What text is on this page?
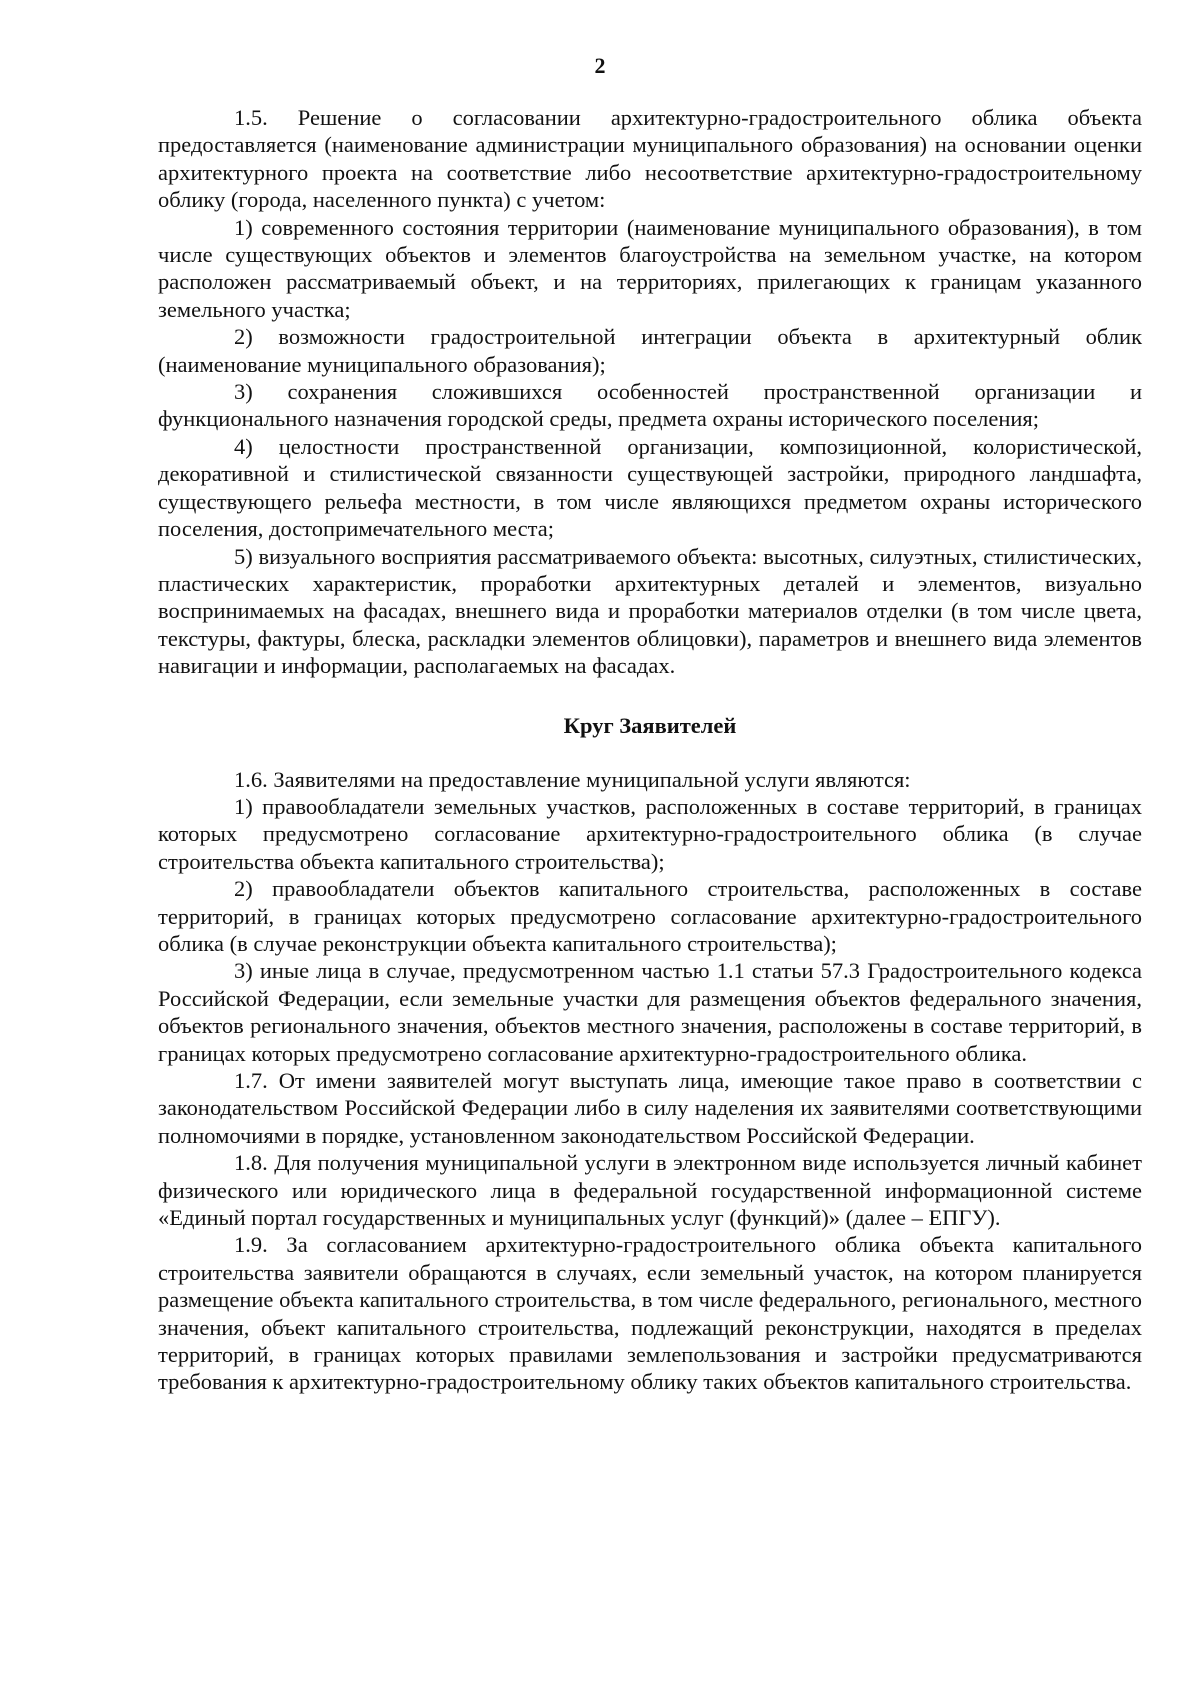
2

1.5. Решение о согласовании архитектурно-градостроительного облика объекта предоставляется (наименование администрации муниципального образования) на основании оценки архитектурного проекта на соответствие либо несоответствие архитектурно-градостроительному облику (города, населенного пункта) с учетом:

1) современного состояния территории (наименование муниципального образования), в том числе существующих объектов и элементов благоустройства на земельном участке, на котором расположен рассматриваемый объект, и на территориях, прилегающих к границам указанного земельного участка;

2) возможности градостроительной интеграции объекта в архитектурный облик (наименование муниципального образования);

3) сохранения сложившихся особенностей пространственной организации и функционального назначения городской среды, предмета охраны исторического поселения;

4) целостности пространственной организации, композиционной, колористической, декоративной и стилистической связанности существующей застройки, природного ландшафта, существующего рельефа местности, в том числе являющихся предметом охраны исторического поселения, достопримечательного места;

5) визуального восприятия рассматриваемого объекта: высотных, силуэтных, стилистических, пластических характеристик, проработки архитектурных деталей и элементов, визуально воспринимаемых на фасадах, внешнего вида и проработки материалов отделки (в том числе цвета, текстуры, фактуры, блеска, раскладки элементов облицовки), параметров и внешнего вида элементов навигации и информации, располагаемых на фасадах.

Круг Заявителей

1.6. Заявителями на предоставление муниципальной услуги являются:

1) правообладатели земельных участков, расположенных в составе территорий, в границах которых предусмотрено согласование архитектурно-градостроительного облика (в случае строительства объекта капитального строительства);

2) правообладатели объектов капитального строительства, расположенных в составе территорий, в границах которых предусмотрено согласование архитектурно-градостроительного облика (в случае реконструкции объекта капитального строительства);

3) иные лица в случае, предусмотренном частью 1.1 статьи 57.3 Градостроительного кодекса Российской Федерации, если земельные участки для размещения объектов федерального значения, объектов регионального значения, объектов местного значения, расположены в составе территорий, в границах которых предусмотрено согласование архитектурно-градостроительного облика.

1.7. От имени заявителей могут выступать лица, имеющие такое право в соответствии с законодательством Российской Федерации либо в силу наделения их заявителями соответствующими полномочиями в порядке, установленном законодательством Российской Федерации.

1.8. Для получения муниципальной услуги в электронном виде используется личный кабинет физического или юридического лица в федеральной государственной информационной системе «Единый портал государственных и муниципальных услуг (функций)» (далее – ЕПГУ).

1.9. За согласованием архитектурно-градостроительного облика объекта капитального строительства заявители обращаются в случаях, если земельный участок, на котором планируется размещение объекта капитального строительства, в том числе федерального, регионального, местного значения, объект капитального строительства, подлежащий реконструкции, находятся в пределах территорий, в границах которых правилами землепользования и застройки предусматриваются требования к архитектурно-градостроительному облику таких объектов капитального строительства.
